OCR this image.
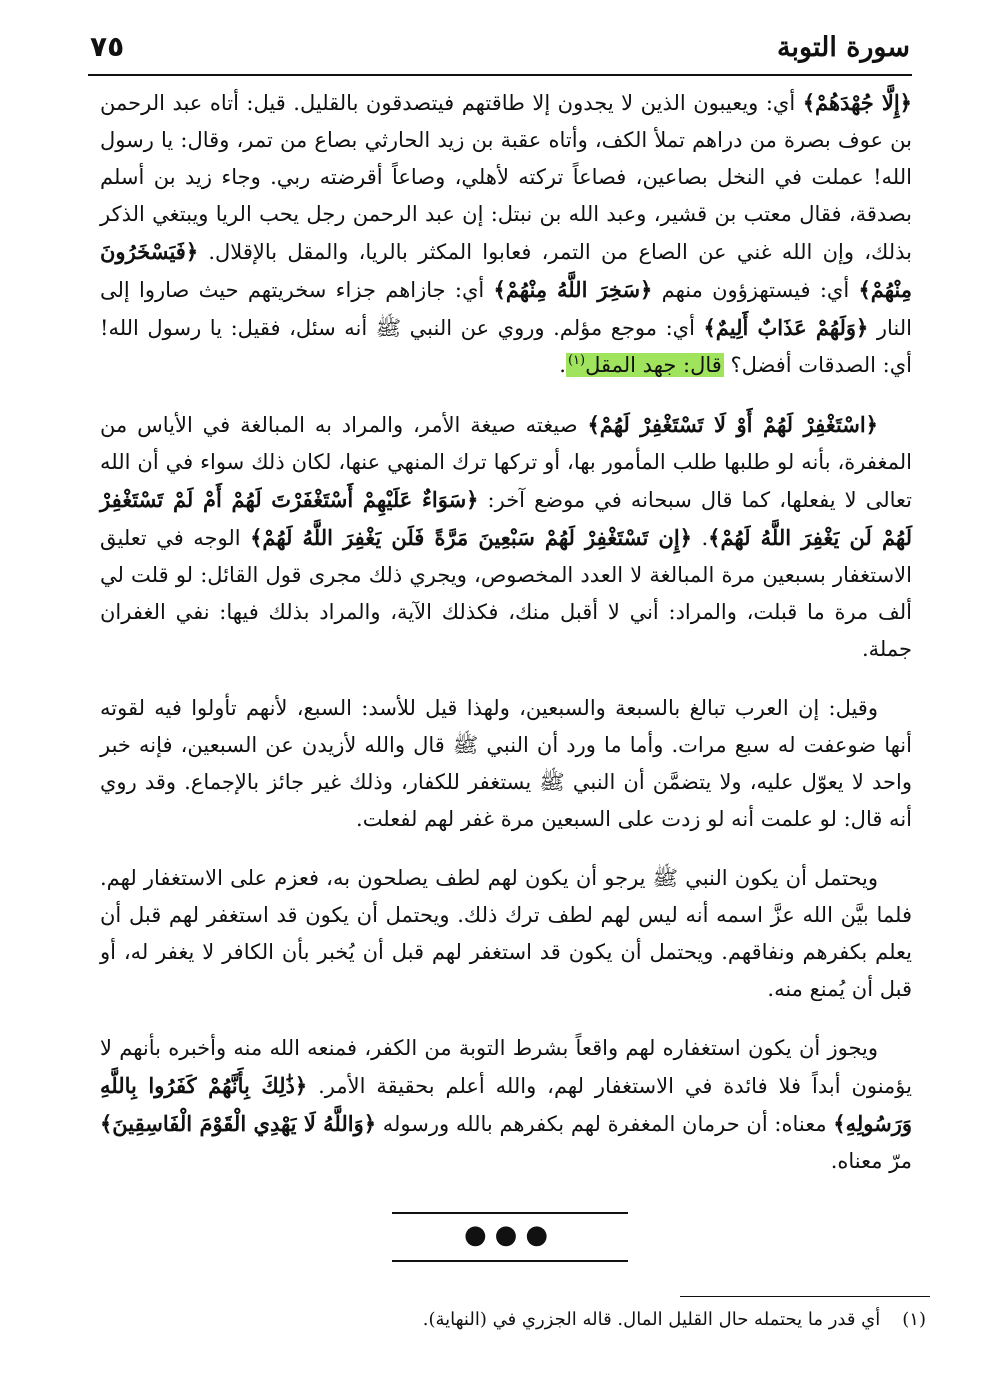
سورة التوبة
٧٥

﴿إِلَّا جُهْدَهُمْ﴾ أي: ويعيبون الذين لا يجدون إلا طاقتهم فيتصدقون بالقليل. قيل: أتاه عبد الرحمن بن عوف بصرة من دراهم تملأ الكف، وأتاه عقبة بن زيد الحارثي بصاع من تمر، وقال: يا رسول الله! عملت في النخل بصاعين، فصاعاً تركته لأهلي، وصاعاً أقرضته ربي. وجاء زيد بن أسلم بصدقة، فقال معتب بن قشير، وعبد الله بن نبتل: إن عبد الرحمن رجل يحب الريا ويبتغي الذكر بذلك، وإن الله غني عن الصاع من التمر، فعابوا المكثر بالريا، والمقل بالإقلال. ﴿فَيَسْخَرُونَ مِنْهُمْ﴾ أي: فيستهزؤون منهم ﴿سَخِرَ اللَّهُ مِنْهُمْ﴾ أي: جازاهم جزاء سخريتهم حيث صاروا إلى النار ﴿وَلَهُمْ عَذَابٌ أَلِيمٌ﴾ أي: موجع مؤلم. وروي عن النبي ﷺ أنه سئل، فقيل: يا رسول الله! أي: الصدقات أفضل؟ قال: جهد المقل$^{(١)}$.

﴿اسْتَغْفِرْ لَهُمْ أَوْ لَا تَسْتَغْفِرْ لَهُمْ﴾ صيغته صيغة الأمر، والمراد به المبالغة في الأياس من المغفرة، بأنه لو طلبها طلب المأمور بها، أو تركها ترك المنهي عنها، لكان ذلك سواء في أن الله تعالى لا يفعلها، كما قال سبحانه في موضع آخر: ﴿سَوَاءٌ عَلَيْهِمْ أَسْتَغْفَرْتَ لَهُمْ أَمْ لَمْ تَسْتَغْفِرْ لَهُمْ لَن يَغْفِرَ اللَّهُ لَهُمْ﴾. ﴿إِن تَسْتَغْفِرْ لَهُمْ سَبْعِينَ مَرَّةً فَلَن يَغْفِرَ اللَّهُ لَهُمْ﴾ الوجه في تعليق الاستغفار بسبعين مرة المبالغة لا العدد المخصوص، ويجري ذلك مجرى قول القائل: لو قلت لي ألف مرة ما قبلت، والمراد: أني لا أقبل منك، فكذلك الآية، والمراد بذلك فيها: نفي الغفران جملة.

وقيل: إن العرب تبالغ بالسبعة والسبعين، ولهذا قيل للأسد: السبع، لأنهم تأولوا فيه لقوته أنها ضوعفت له سبع مرات. وأما ما ورد أن النبي ﷺ قال والله لأزيدن عن السبعين، فإنه خبر واحد لا يعوّل عليه، ولا يتضمَّن أن النبي ﷺ يستغفر للكفار، وذلك غير جائز بالإجماع. وقد روي أنه قال: لو علمت أنه لو زدت على السبعين مرة غفر لهم لفعلت.

ويحتمل أن يكون النبي ﷺ يرجو أن يكون لهم لطف يصلحون به، فعزم على الاستغفار لهم. فلما بيَّن الله عزَّ اسمه أنه ليس لهم لطف ترك ذلك. ويحتمل أن يكون قد استغفر لهم قبل أن يعلم بكفرهم ونفاقهم. ويحتمل أن يكون قد استغفر لهم قبل أن يُخبر بأن الكافر لا يغفر له، أو قبل أن يُمنع منه.

ويجوز أن يكون استغفاره لهم واقعاً بشرط التوبة من الكفر، فمنعه الله منه وأخبره بأنهم لا يؤمنون أبداً فلا فائدة في الاستغفار لهم، والله أعلم بحقيقة الأمر. ﴿ذَٰلِكَ بِأَنَّهُمْ كَفَرُوا بِاللَّهِ وَرَسُولِهِ﴾ معناه: أن حرمان المغفرة لهم بكفرهم بالله ورسوله ﴿وَاللَّهُ لَا يَهْدِي الْقَوْمَ الْفَاسِقِينَ﴾ مرّ معناه.

●●●
(١)أي قدر ما يحتمله حال القليل المال. قاله الجزري في (النهاية).
